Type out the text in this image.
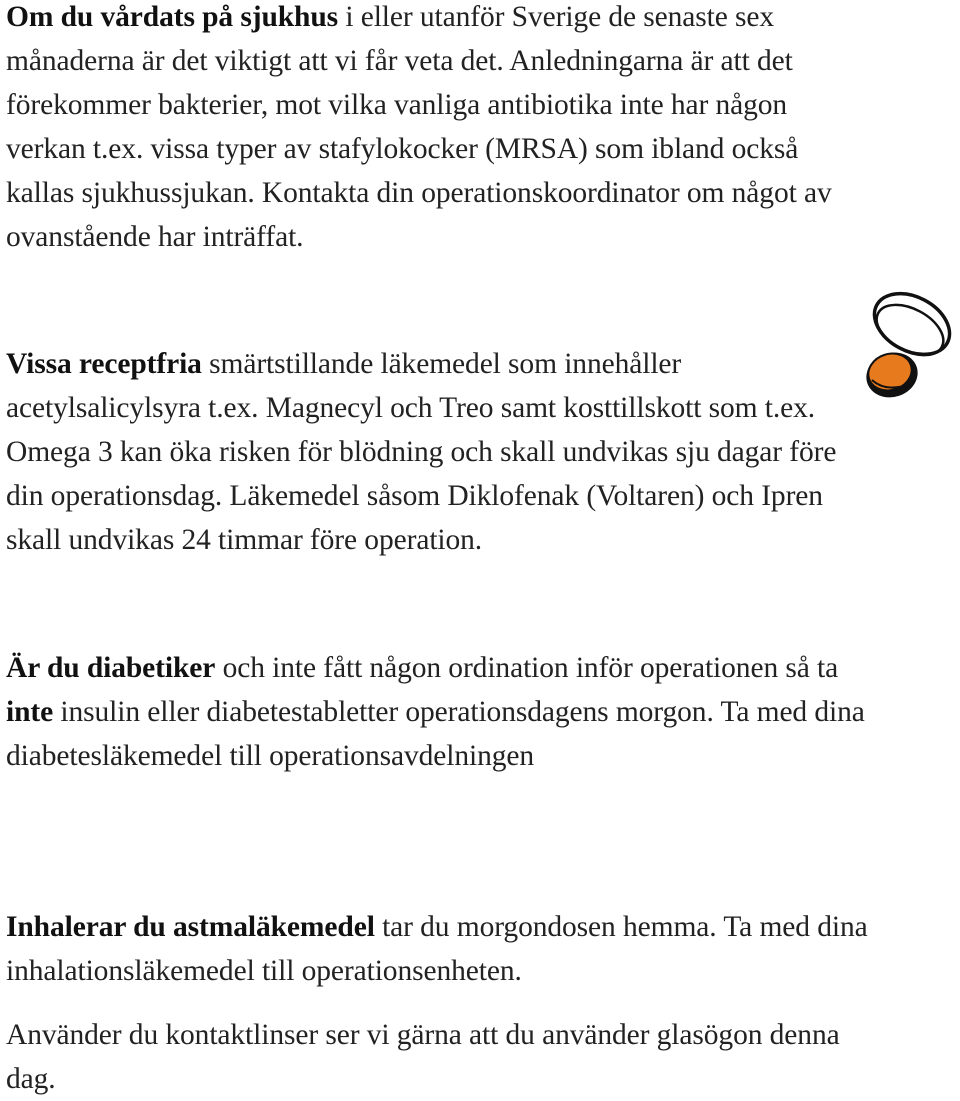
Om du vårdats på sjukhus i eller utanför Sverige de senaste sex månaderna är det viktigt att vi får veta det. Anledningarna är att det förekommer bakterier, mot vilka vanliga antibiotika inte har någon verkan t.ex. vissa typer av stafylokocker (MRSA) som ibland också kallas sjukhussjukan. Kontakta din operationskoordinator om något av ovanstående har inträffat.

Vissa receptfria smärtstillande läkemedel som innehåller acetylsalicylsyra t.ex. Magnecyl och Treo samt kosttillskott som t.ex. Omega 3 kan öka risken för blödning och skall undvikas sju dagar före din operationsdag. Läkemedel såsom Diklofenak (Voltaren) och Ipren skall undvikas 24 timmar före operation.

Är du diabetiker och inte fått någon ordination inför operationen så ta inte insulin eller diabetestabletter operationsdagens morgon. Ta med dina diabetesläkemedel till operationsavdelningen

Inhalerar du astmaläkemedel tar du morgondosen hemma. Ta med dina inhalationsläkemedel till operationsenheten.

Använder du kontaktlinser ser vi gärna att du använder glasögon denna dag.
